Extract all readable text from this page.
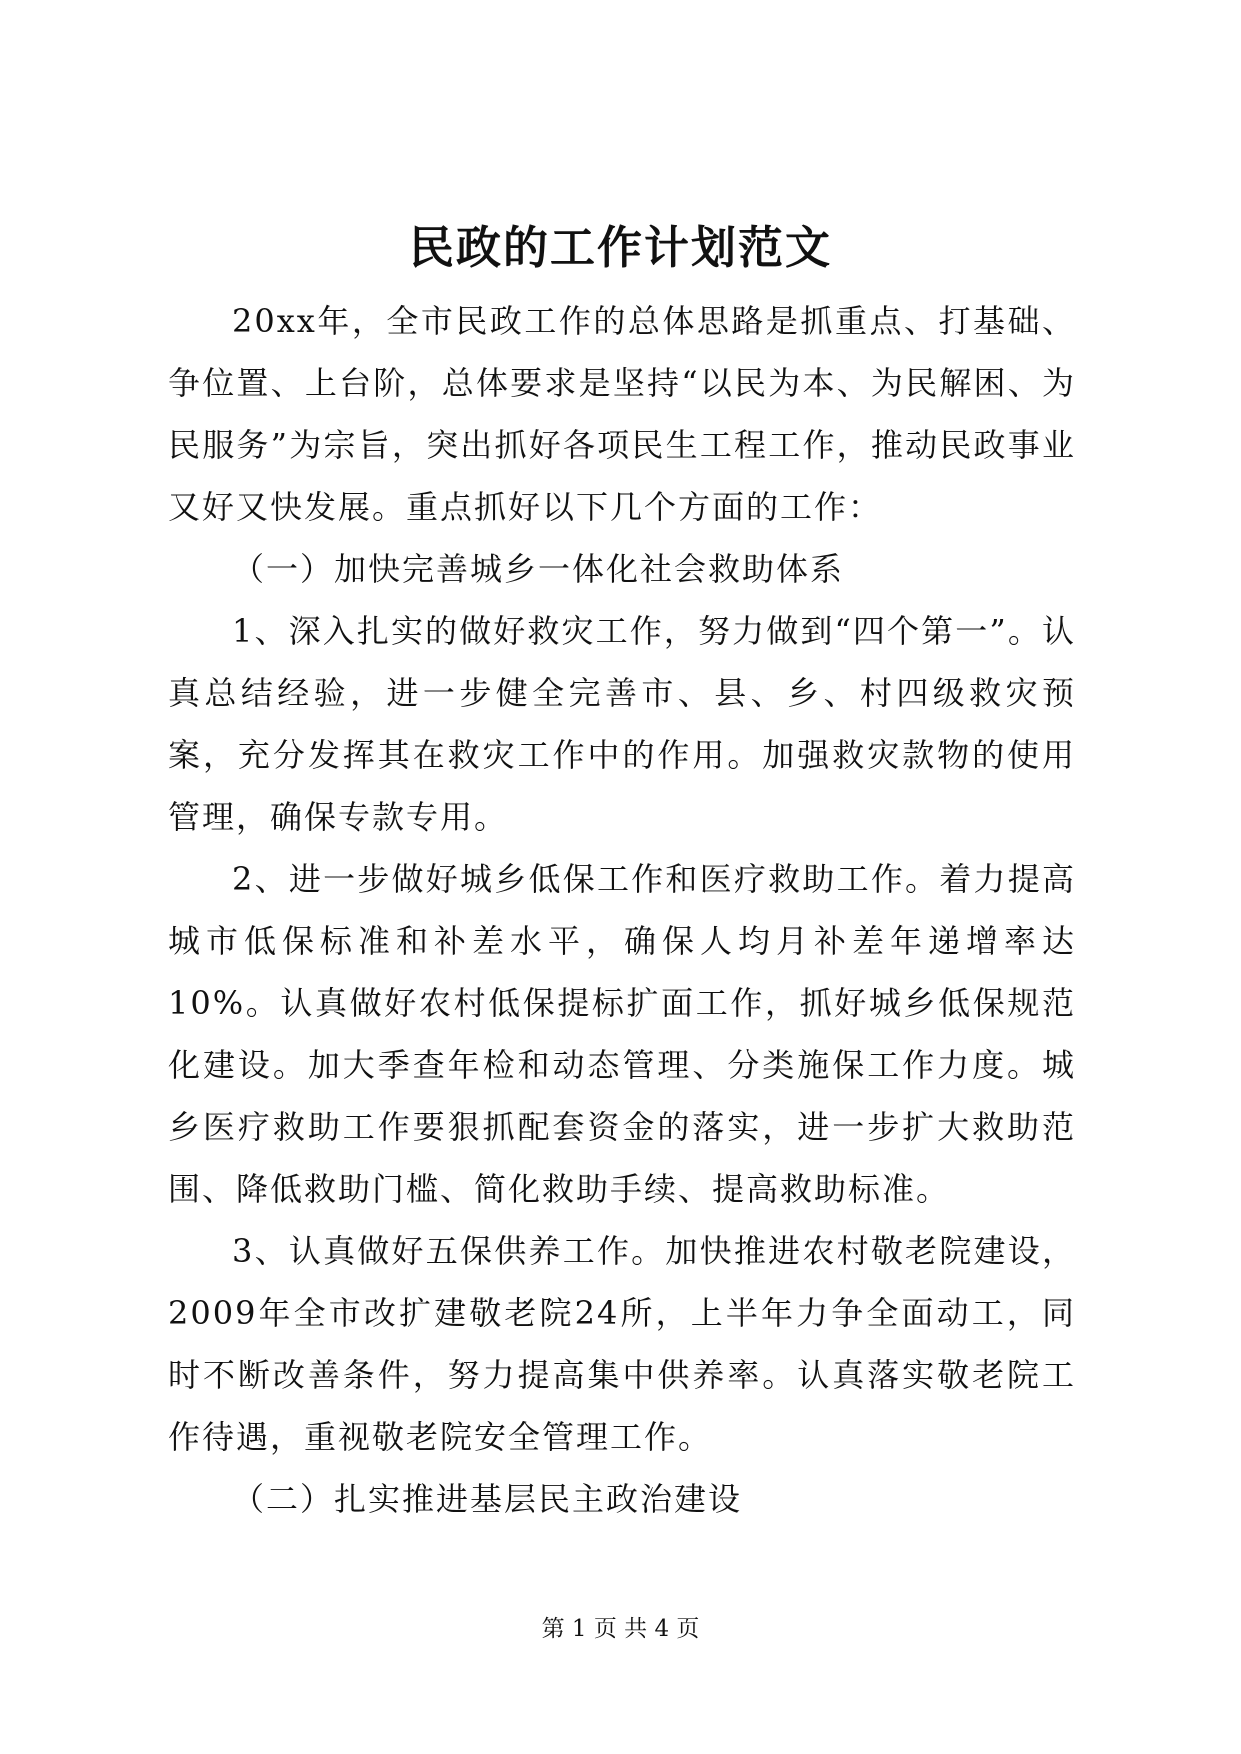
民政的工作计划范文

20xx年，全市民政工作的总体思路是抓重点、打基础、争位置、上台阶，总体要求是坚持“以民为本、为民解困、为民服务”为宗旨，突出抓好各项民生工程工作，推动民政事业又好又快发展。重点抓好以下几个方面的工作：

（一）加快完善城乡一体化社会救助体系

1、深入扎实的做好救灾工作，努力做到“四个第一”。认真总结经验，进一步健全完善市、县、乡、村四级救灾预案，充分发挥其在救灾工作中的作用。加强救灾款物的使用管理，确保专款专用。

2、进一步做好城乡低保工作和医疗救助工作。着力提高城市低保标准和补差水平，确保人均月补差年递增率达10%。认真做好农村低保提标扩面工作，抓好城乡低保规范化建设。加大季查年检和动态管理、分类施保工作力度。城乡医疗救助工作要狠抓配套资金的落实，进一步扩大救助范围、降低救助门槛、简化救助手续、提高救助标准。

3、认真做好五保供养工作。加快推进农村敬老院建设，2009年全市改扩建敬老院24所，上半年力争全面动工，同时不断改善条件，努力提高集中供养率。认真落实敬老院工作待遇，重视敬老院安全管理工作。

（二）扎实推进基层民主政治建设

第 1 页 共 4 页
